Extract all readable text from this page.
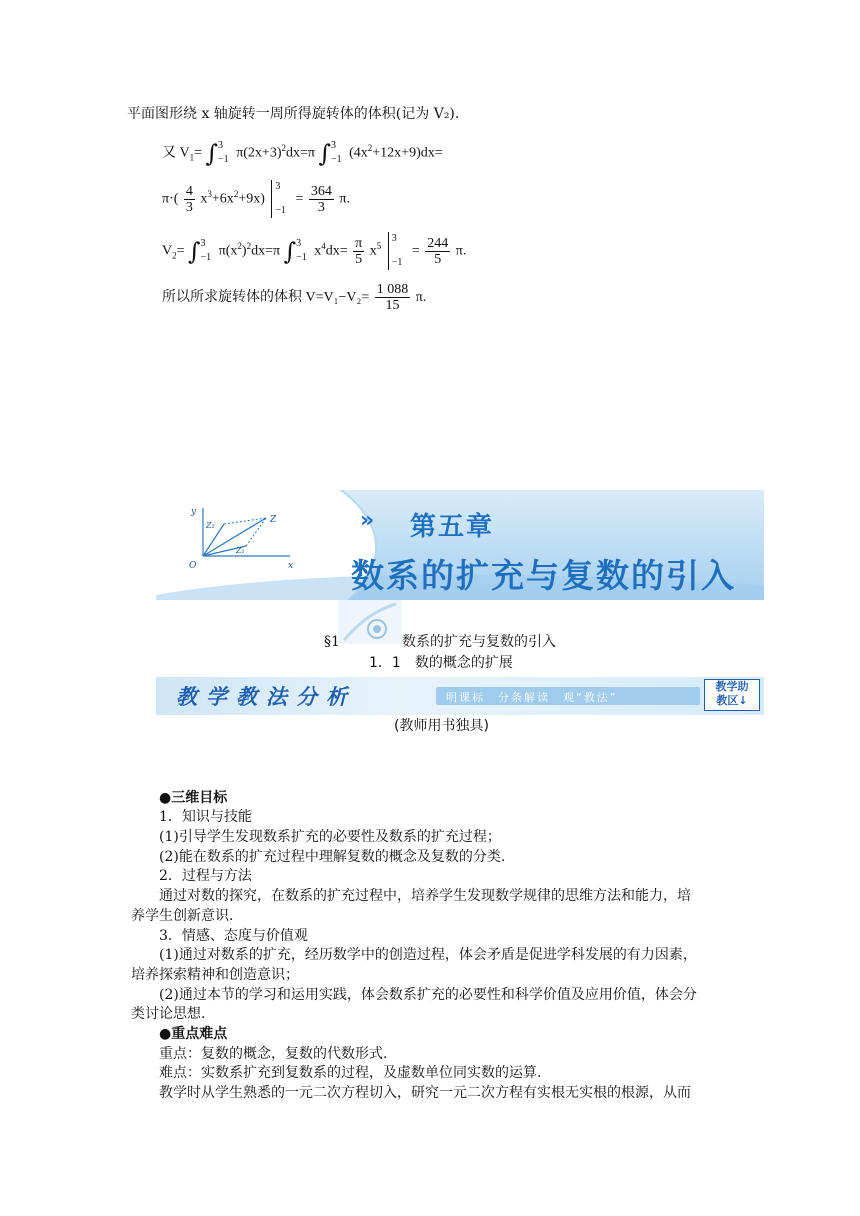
平面图形绕 x 轴旋转一周所得旋转体的体积(记为 V₂).
又 $V_1= \int 3$
−1 $\pi(2x+3)^2dx=\pi$ ∫3
−1 $(4x^2+12x+9)dx=$
$\pi\cdot( \frac{4}{3} x^3+6x^2+9x)$ 3
$-1 = \frac{364}{3} \pi$.
$V_2= \int 3$
−1 $\pi(x^2)^2dx=\pi$ ∫3
−1 $x^4dx= \frac{\pi}{5} x^5$ 3
$-1 = \frac{244}{5} \pi$.
所以所求旋转体的体积 $V=V_1-V_2= \frac{1 088}{15} \pi$.
y
x
O
Z
Z₁
Z₂	» 第五章
数系的扩充与复数的引入
§1	数系的扩充与复数的引入
1．1　数的概念的扩展
教学教法分析	明课标　分条解读　观“教法”
教学助
教区↓
(教师用书独具)
●三维目标
1．知识与技能
(1)引导学生发现数系扩充的必要性及数系的扩充过程；
(2)能在数系的扩充过程中理解复数的概念及复数的分类.
2．过程与方法
通过对数的探究，在数系的扩充过程中，培养学生发现数学规律的思维方法和能力，培
养学生创新意识.
3．情感、态度与价值观
(1)通过对数系的扩充，经历数学中的创造过程，体会矛盾是促进学科发展的有力因素，
培养探索精神和创造意识；
(2)通过本节的学习和运用实践，体会数系扩充的必要性和科学价值及应用价值，体会分
类讨论思想.
●重点难点
重点：复数的概念，复数的代数形式.
难点：实数系扩充到复数系的过程，及虚数单位同实数的运算.
教学时从学生熟悉的一元二次方程切入，研究一元二次方程有实根无实根的根源，从而
